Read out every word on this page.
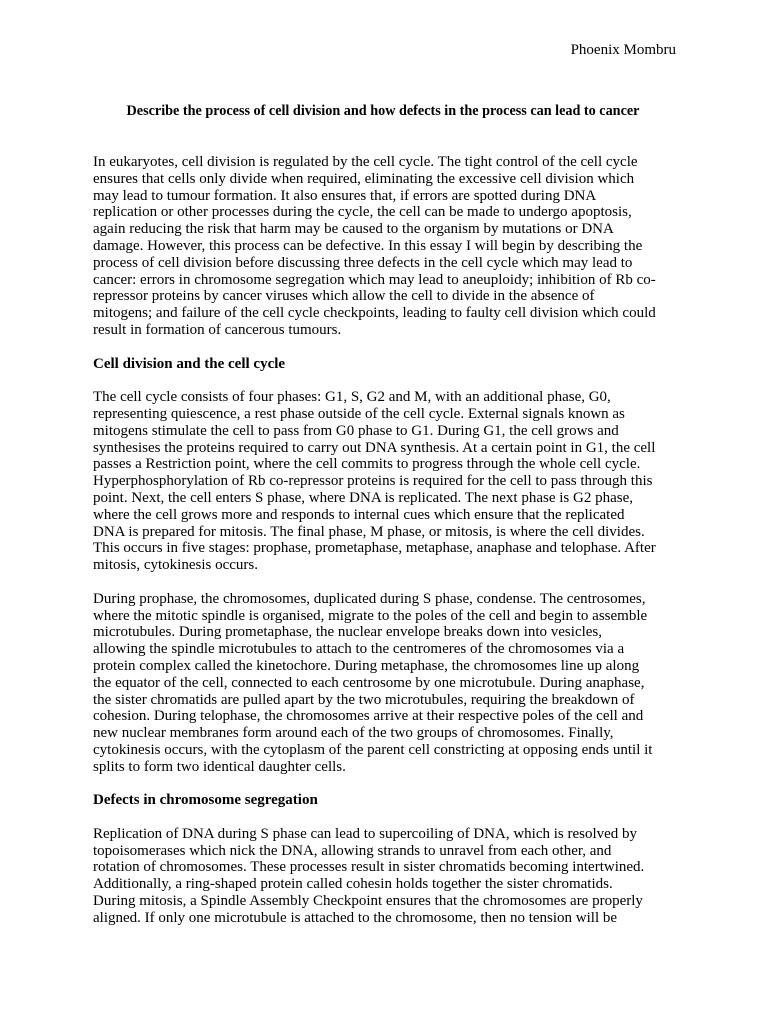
Phoenix Mombru
Describe the process of cell division and how defects in the process can lead to cancer

In eukaryotes, cell division is regulated by the cell cycle. The tight control of the cell cycle
ensures that cells only divide when required, eliminating the excessive cell division which
may lead to tumour formation. It also ensures that, if errors are spotted during DNA
replication or other processes during the cycle, the cell can be made to undergo apoptosis,
again reducing the risk that harm may be caused to the organism by mutations or DNA
damage. However, this process can be defective. In this essay I will begin by describing the
process of cell division before discussing three defects in the cell cycle which may lead to
cancer: errors in chromosome segregation which may lead to aneuploidy; inhibition of Rb co-
repressor proteins by cancer viruses which allow the cell to divide in the absence of
mitogens; and failure of the cell cycle checkpoints, leading to faulty cell division which could
result in formation of cancerous tumours.

Cell division and the cell cycle

The cell cycle consists of four phases: G1, S, G2 and M, with an additional phase, G0,
representing quiescence, a rest phase outside of the cell cycle. External signals known as
mitogens stimulate the cell to pass from G0 phase to G1. During G1, the cell grows and
synthesises the proteins required to carry out DNA synthesis. At a certain point in G1, the cell
passes a Restriction point, where the cell commits to progress through the whole cell cycle.
Hyperphosphorylation of Rb co-repressor proteins is required for the cell to pass through this
point. Next, the cell enters S phase, where DNA is replicated. The next phase is G2 phase,
where the cell grows more and responds to internal cues which ensure that the replicated
DNA is prepared for mitosis. The final phase, M phase, or mitosis, is where the cell divides.
This occurs in five stages: prophase, prometaphase, metaphase, anaphase and telophase. After
mitosis, cytokinesis occurs.

During prophase, the chromosomes, duplicated during S phase, condense. The centrosomes,
where the mitotic spindle is organised, migrate to the poles of the cell and begin to assemble
microtubules. During prometaphase, the nuclear envelope breaks down into vesicles,
allowing the spindle microtubules to attach to the centromeres of the chromosomes via a
protein complex called the kinetochore. During metaphase, the chromosomes line up along
the equator of the cell, connected to each centrosome by one microtubule. During anaphase,
the sister chromatids are pulled apart by the two microtubules, requiring the breakdown of
cohesion. During telophase, the chromosomes arrive at their respective poles of the cell and
new nuclear membranes form around each of the two groups of chromosomes. Finally,
cytokinesis occurs, with the cytoplasm of the parent cell constricting at opposing ends until it
splits to form two identical daughter cells.

Defects in chromosome segregation

Replication of DNA during S phase can lead to supercoiling of DNA, which is resolved by
topoisomerases which nick the DNA, allowing strands to unravel from each other, and
rotation of chromosomes. These processes result in sister chromatids becoming intertwined.
Additionally, a ring-shaped protein called cohesin holds together the sister chromatids.
During mitosis, a Spindle Assembly Checkpoint ensures that the chromosomes are properly
aligned. If only one microtubule is attached to the chromosome, then no tension will be
